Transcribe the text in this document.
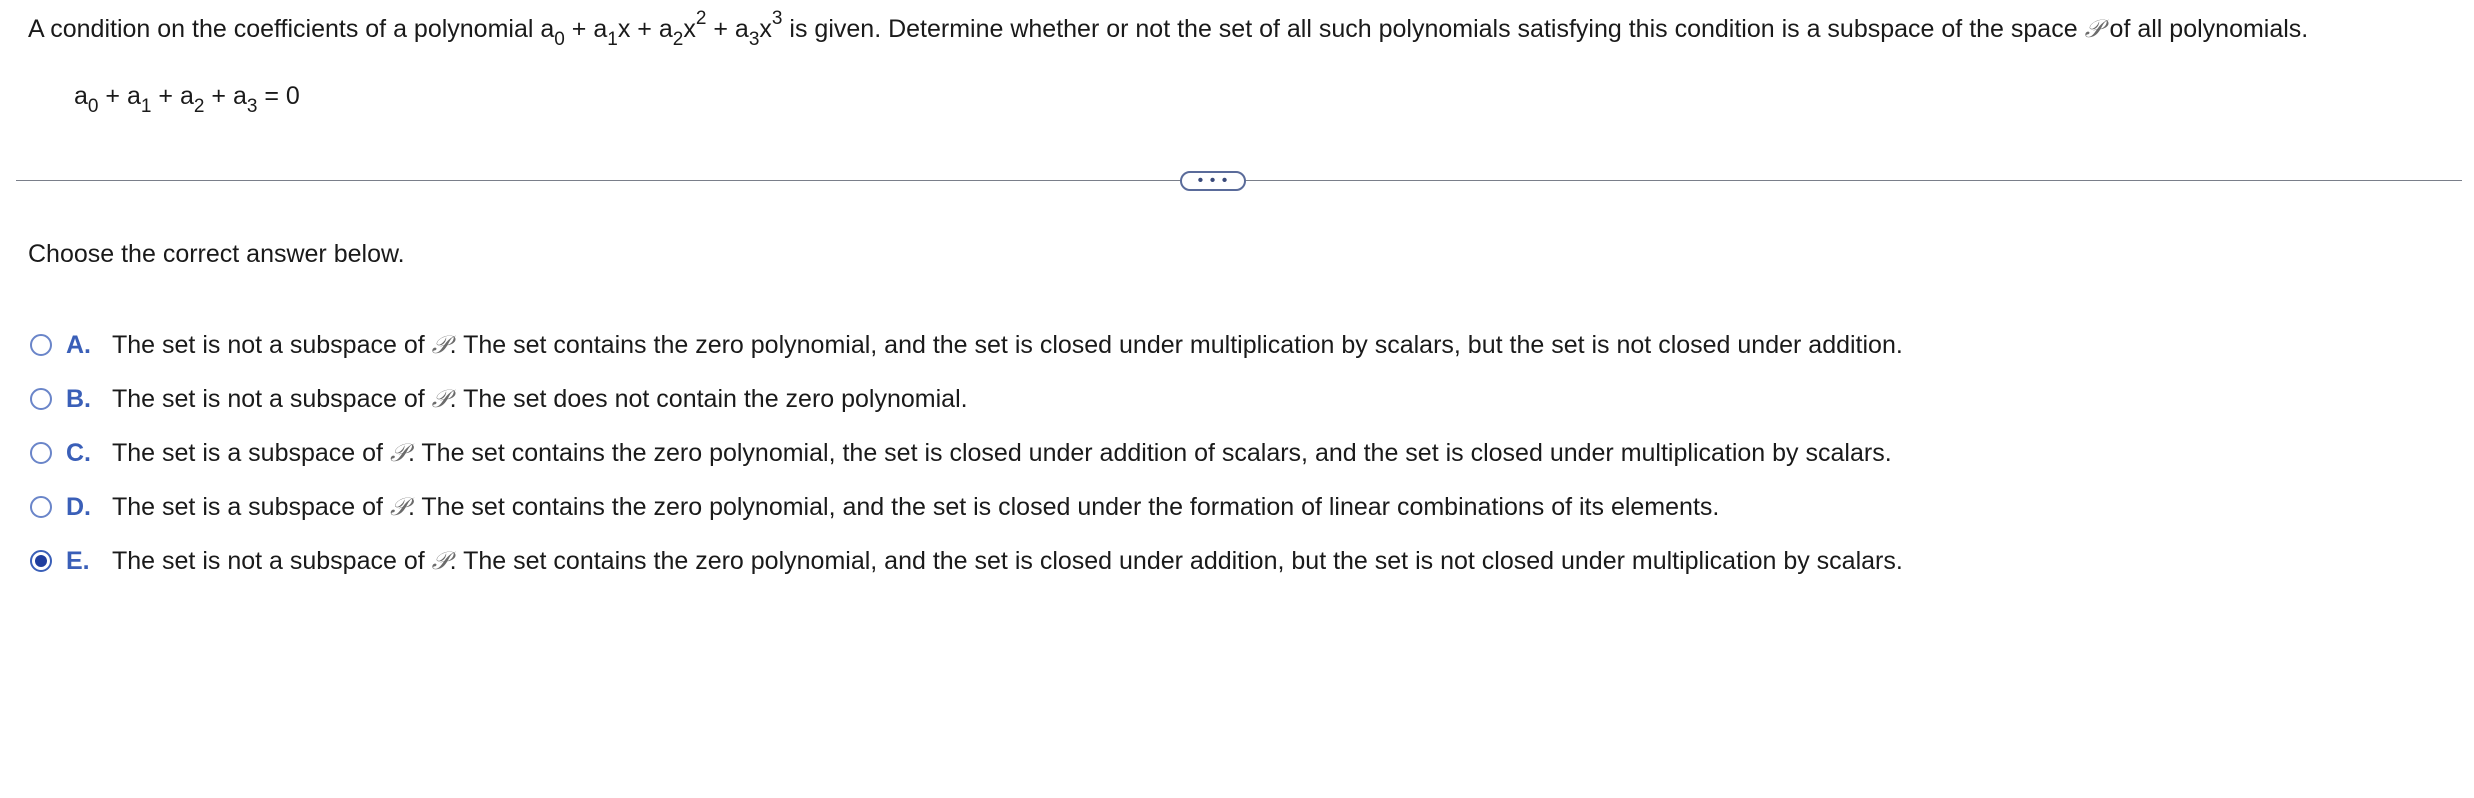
A condition on the coefficients of a polynomial $a_0 + a_1x + a_2x^2 + a_3x^3$ is given. Determine whether or not the set of all such polynomials satisfying this condition is a subspace of the space 𝒫 of all polynomials.
$a_0 + a_1 + a_2 + a_3 = 0$
• • •
Choose the correct answer below.
A. The set is not a subspace of
𝒫 . The set contains the zero polynomial, and the set is closed under multiplication by scalars, but the set is not closed under addition.
B. The set is not a subspace of
𝒫 . The set does not contain the zero polynomial.
C. The set is a subspace of
𝒫 . The set contains the zero polynomial, the set is closed under addition of scalars, and the set is closed under multiplication by scalars.
D. The set is a subspace of
𝒫 . The set contains the zero polynomial, and the set is closed under the formation of linear combinations of its elements.
E. The set is not a subspace of
𝒫 . The set contains the zero polynomial, and the set is closed under addition, but the set is not closed under multiplication by scalars.
